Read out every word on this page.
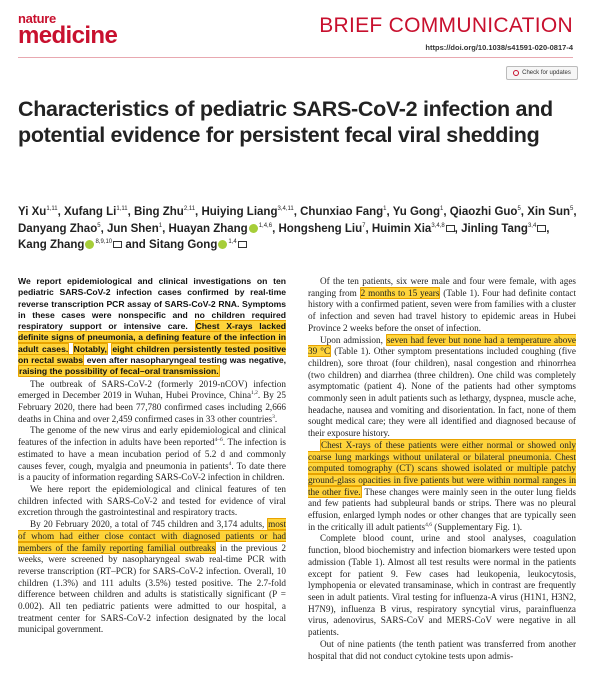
nature
medicine	BRIEF COMMUNICATION
https://doi.org/10.1038/s41591-020-0817-4
Check for updates
Characteristics of pediatric SARS-CoV-2 infection and potential evidence for persistent fecal viral shedding
Yi Xu$^{1,11}$, Xufang Li$^{1,11}$, Bing Zhu$^{2,11}$, Huiying Liang$^{3,4,11}$, Chunxiao Fang$^1$, Yu Gong$^1$, Qiaozhi Guo$^5$, Xin Sun$^5$, Danyang Zhao$^5$, Jun Shen$^1$, Huayan Zhang $^{1,4,6}$, Hongsheng Liu$^7$, Huimin Xia$^{3,4,8}$ , Jinling Tang$^{3,4}$ , Kang Zhang $^{8,9,10}$ and Sitang Gong $^{1,4}$

We report epidemiological and clinical investigations on ten pediatric SARS-CoV-2 infection cases confirmed by real-time reverse transcription PCR assay of SARS-CoV-2 RNA. Symptoms in these cases were nonspecific and no children required respiratory support or intensive care. Chest X-rays lacked definite signs of pneumonia, a defining feature of the infection in adult cases. Notably, eight children persistently tested positive on rectal swabs even after nasopharyngeal testing was negative, raising the possibility of fecal–oral transmission.

The outbreak of SARS-CoV-2 (formerly 2019-nCOV) infection emerged in December 2019 in Wuhan, Hubei Province, China$^{1,2}$. By 25 February 2020, there had been 77,780 confirmed cases including 2,666 deaths in China and over 2,459 confirmed cases in 33 other countries$^3$.

The genome of the new virus and early epidemiological and clinical features of the infection in adults have been reported$^{4-6}$. The infection is estimated to have a mean incubation period of 5.2 d and commonly causes fever, cough, myalgia and pneumonia in patients$^4$. To date there is a paucity of information regarding SARS-CoV-2 infection in children.

We here report the epidemiological and clinical features of ten children infected with SARS-CoV-2 and tested for evidence of viral excretion through the gastrointestinal and respiratory tracts.

By 20 February 2020, a total of 745 children and 3,174 adults, most of whom had either close contact with diagnosed patients or had members of the family reporting familial outbreaks in the previous 2 weeks, were screened by nasopharyngeal swab real-time PCR with reverse transcription (RT–PCR) for SARS-CoV-2 infection. Overall, 10 children (1.3%) and 111 adults (3.5%) tested positive. The 2.7-fold difference between children and adults is statistically significant (P = 0.002). All ten pediatric patients were admitted to our hospital, a treatment center for SARS-CoV-2 infection designated by the local municipal government.

Of the ten patients, six were male and four were female, with ages ranging from 2 months to 15 years (Table 1). Four had definite contact history with a confirmed patient, seven were from families with a cluster of infection and seven had travel history to epidemic areas in Hubei Province 2 weeks before the onset of infection.

Upon admission, seven had fever but none had a temperature above 39 °C (Table 1). Other symptom presentations included coughing (five children), sore throat (four children), nasal congestion and rhinorrhea (two children) and diarrhea (three children). One child was completely asymptomatic (patient 4). None of the patients had other symptoms commonly seen in adult patients such as lethargy, dyspnea, muscle ache, headache, nausea and vomiting and disorientation. In fact, none of them sought medical care; they were all identified and diagnosed because of their exposure history.

Chest X-rays of these patients were either normal or showed only coarse lung markings without unilateral or bilateral pneumonia. Chest computed tomography (CT) scans showed isolated or multiple patchy ground-glass opacities in five patients but were within normal ranges in the other five. These changes were mainly seen in the outer lung fields and few patients had subpleural bands or strips. There was no pleural effusion, enlarged lymph nodes or other changes that are typically seen in the critically ill adult patients$^{4,6}$ (Supplementary Fig. 1).

Complete blood count, urine and stool analyses, coagulation function, blood biochemistry and infection biomarkers were tested upon admission (Table 1). Almost all test results were normal in the patients except for patient 9. Few cases had leukopenia, leukocytosis, lymphopenia or elevated transaminase, which in contrast are frequently seen in adult patients. Viral testing for influenza-A virus (H1N1, H3N2, H7N9), influenza B virus, respiratory syncytial virus, parainfluenza virus, adenovirus, SARS-CoV and MERS-CoV were negative in all patients.

Out of nine patients (the tenth patient was transferred from another hospital that did not conduct cytokine tests upon admis-
